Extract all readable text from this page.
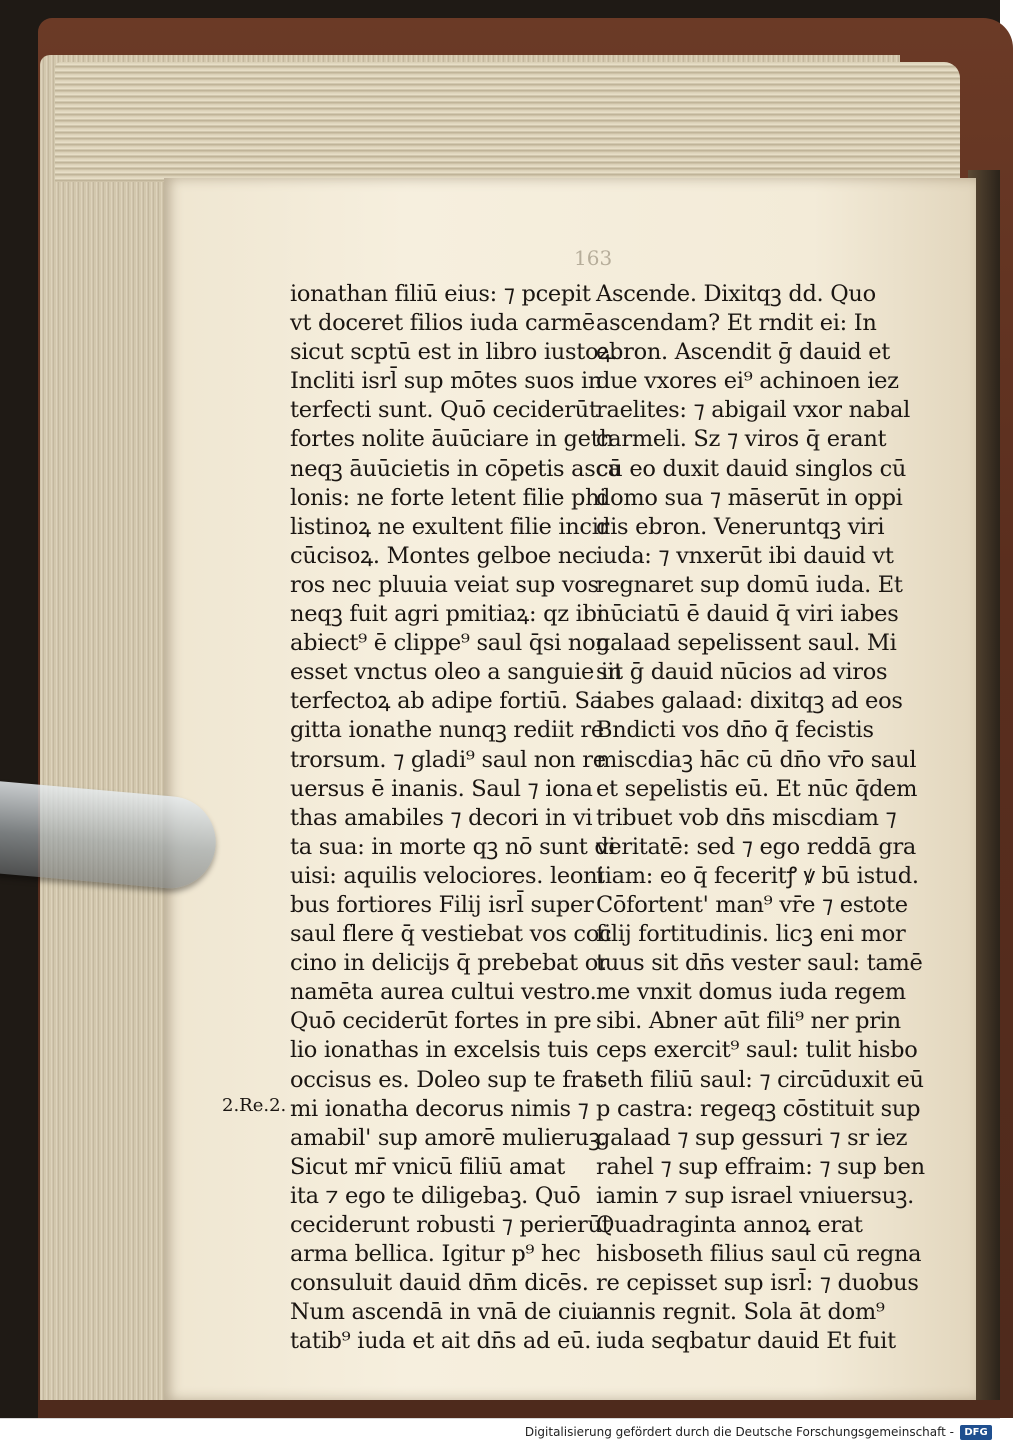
163
2.Re.2.
ionathan filiū eius: ⁊ pcepit
vt doceret filios iuda carmē
sicut scptū est in libro iustoꝝ.
Incliti isrl̄ sup mōtes suos in
terfecti sunt. Quō ceciderūt
fortes nolite āuūciare in geth
neqꝫ āuūcietis in cōpetis asca
lonis: ne forte letent filie phi
listinoꝝ ne exultent filie incir
cūcisoꝝ. Montes gelboe nec
ros nec pluuia veiat sup vos
neqꝫ fuit agri pmitiaꝝ: qz ibi
abiect⁹ ē clippe⁹ saul q̄si non
esset vnctus oleo a sanguie in
terfectoꝝ ab adipe fortiū. Sa
gitta ionathe nunqꝫ rediit re
trorsum. ⁊ gladi⁹ saul non re
uersus ē inanis. Saul ⁊ iona
thas amabiles ⁊ decori in vi
ta sua: in morte qꝫ nō sunt di
uisi: aquilis velociores. leoni
bus fortiores Filij isrl̄ super
saul flere q̄ vestiebat vos coc
cino in delicijs q̄ prebebat or
namēta aurea cultui vestro.
Quō ceciderūt fortes in pre
lio ionathas in excelsis tuis
occisus es. Doleo sup te frat
mi ionatha decorus nimis ⁊
amabil' sup amorē mulieruꝫ.
Sicut mr̄ vnicū filiū amat
ita ⁊ ego te diligebaꝫ. Quō
ceciderunt robusti ⁊ perierūt
arma bellica. Igitur p⁹ hec
consuluit dauid dn̄m dicēs.
Num ascendā in vnā de ciui
tatib⁹ iuda et ait dn̄s ad eū.
Ascende. Dixitqꝫ dd. Quo
ascendam? Et rndit ei: In
ebron. Ascendit ḡ dauid et
due vxores ei⁹ achinoen iez
raelites: ⁊ abigail vxor nabal
carmeli. Sz ⁊ viros q̄ erant
cū eo duxit dauid singlos cū
domo sua ⁊ māserūt in oppi
dis ebron. Veneruntqꝫ viri
iuda: ⁊ vnxerūt ibi dauid vt
regnaret sup domū iuda. Et
nūciatū ē dauid q̄ viri iabes
galaad sepelissent saul. Mi
sit ḡ dauid nūcios ad viros
iabes galaad: dixitqꝫ ad eos
Bndicti vos dn̄o q̄ fecistis
miscdiaꝫ hāc cū dn̄o vr̄o saul
et sepelistis eū. Et nūc q̄dem
tribuet vob dn̄s miscdiam ⁊
veritatē: sed ⁊ ego reddā gra
tiam: eo q̄ feceritꝭ ꝟ bū istud.
Cōfortent' man⁹ vr̄e ⁊ estote
filij fortitudinis. licꝫ eni mor
tuus sit dn̄s vester saul: tamē
me vnxit domus iuda regem
sibi. Abner aūt fili⁹ ner prin
ceps exercit⁹ saul: tulit hisbo
seth filiū saul: ⁊ circūduxit eū
p castra: regeqꝫ cōstituit sup
galaad ⁊ sup gessuri ⁊ sr iez
rahel ⁊ sup effraim: ⁊ sup ben
iamin ⁊ sup israel vniuersuꝫ.
Quadraginta annoꝝ erat
hisboseth filius saul cū regna
re cepisset sup isrl̄: ⁊ duobus
annis regnit. Sola āt dom⁹
iuda seqbatur dauid Et fuit
Digitalisierung gefördert durch die Deutsche Forschungsgemeinschaft -	DFG
